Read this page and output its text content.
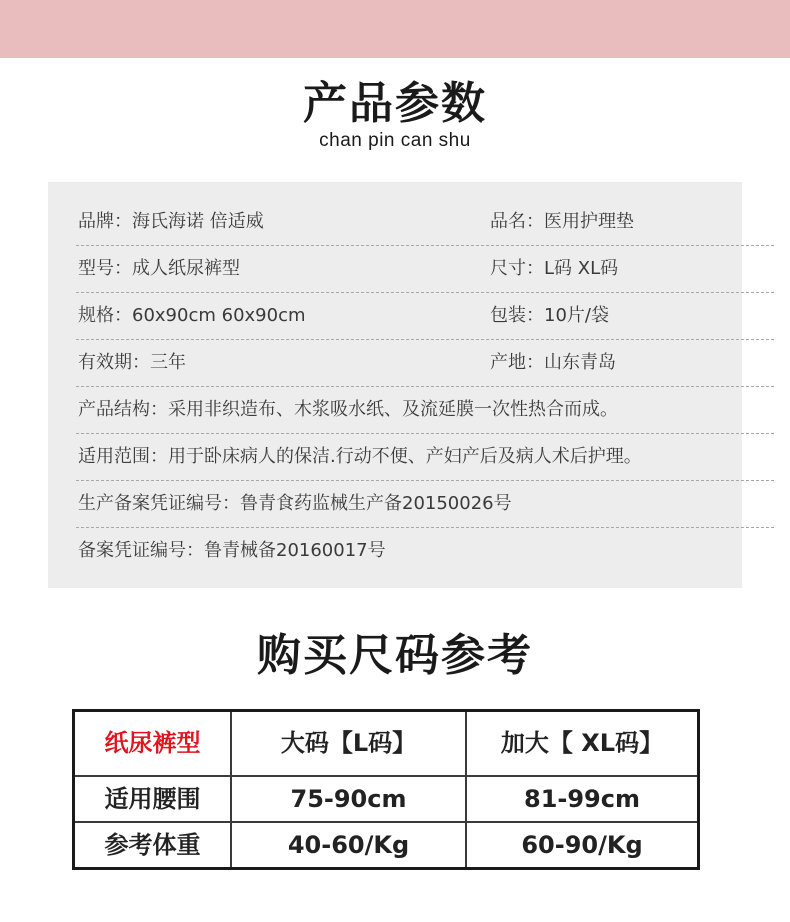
产品参数
chan pin can shu
品牌：海氏海诺 倍适威	品名：医用护理垫
型号：成人纸尿裤型	尺寸：L码 XL码
规格：60x90cm 60x90cm	包装：10片/袋
有效期：三年	产地：山东青岛
产品结构：采用非织造布、木浆吸水纸、及流延膜一次性热合而成。
适用范围：用于卧床病人的保洁.行动不便、产妇产后及病人术后护理。
生产备案凭证编号：鲁青食药监械生产备20150026号
备案凭证编号：鲁青械备20160017号
购买尺码参考
纸尿裤型	大码【L码】	加大【 XL码】
适用腰围	75-90cm	81-99cm
参考体重	40-60/Kg	60-90/Kg
